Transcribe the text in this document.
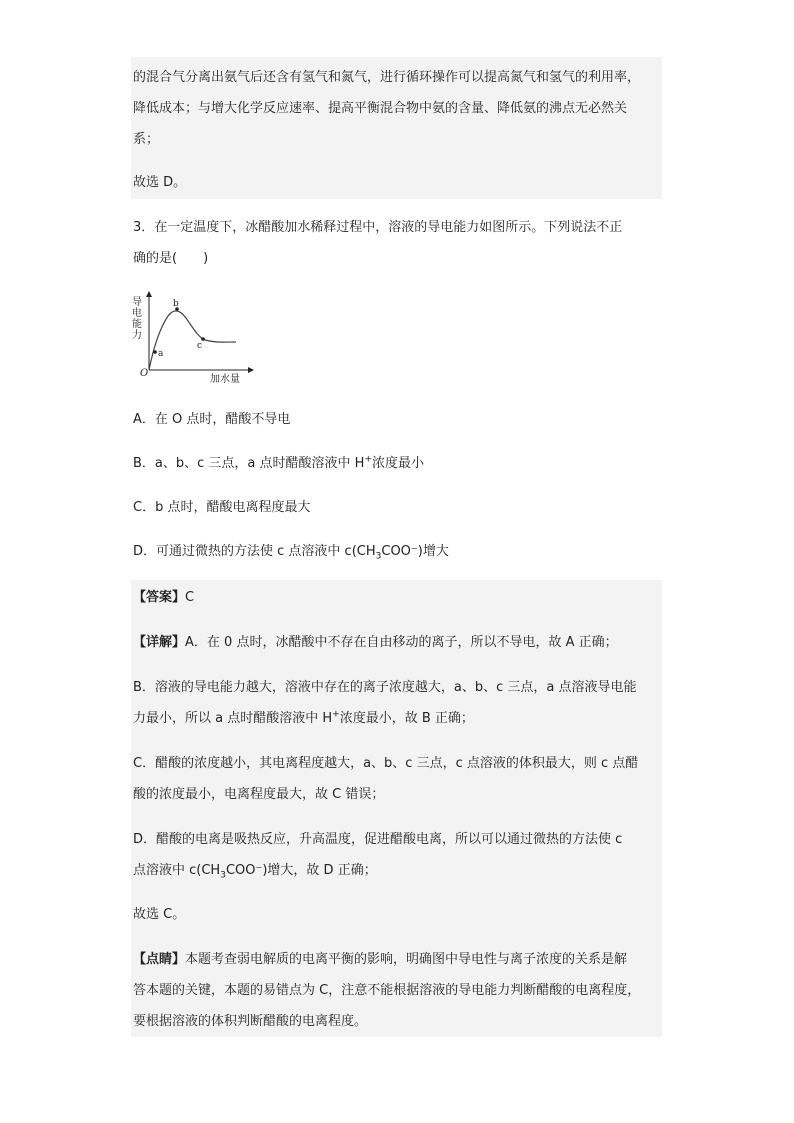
的混合气分离出氨气后还含有氢气和氮气，进行循环操作可以提高氮气和氢气的利用率，
降低成本；与增大化学反应速率、提高平衡混合物中氨的含量、降低氨的沸点无必然关
系；
故选 D。
3．在一定温度下，冰醋酸加水稀释过程中，溶液的导电能力如图所示。下列说法不正
确的是(　　)
导
电
能
力
O
加水量
a
b
c
A．在 O 点时，醋酸不导电
B．a、b、c 三点，a 点时醋酸溶液中 H+浓度最小
C．b 点时，醋酸电离程度最大
D．可通过微热的方法使 c 点溶液中 $c(CH_3COO^-)$增大
【答案】C
【详解】A．在 0 点时，冰醋酸中不存在自由移动的离子，所以不导电，故 A 正确；
B．溶液的导电能力越大，溶液中存在的离子浓度越大，a、b、c 三点，a 点溶液导电能
力最小，所以 a 点时醋酸溶液中 H+浓度最小，故 B 正确；
C．醋酸的浓度越小，其电离程度越大，a、b、c 三点，c 点溶液的体积最大，则 c 点醋
酸的浓度最小，电离程度最大，故 C 错误；
D．醋酸的电离是吸热反应，升高温度，促进醋酸电离，所以可以通过微热的方法使 c
点溶液中 $c(CH_3COO^-)$增大，故 D 正确；
故选 C。
【点睛】本题考查弱电解质的电离平衡的影响，明确图中导电性与离子浓度的关系是解
答本题的关键，本题的易错点为 C，注意不能根据溶液的导电能力判断醋酸的电离程度，
要根据溶液的体积判断醋酸的电离程度。
